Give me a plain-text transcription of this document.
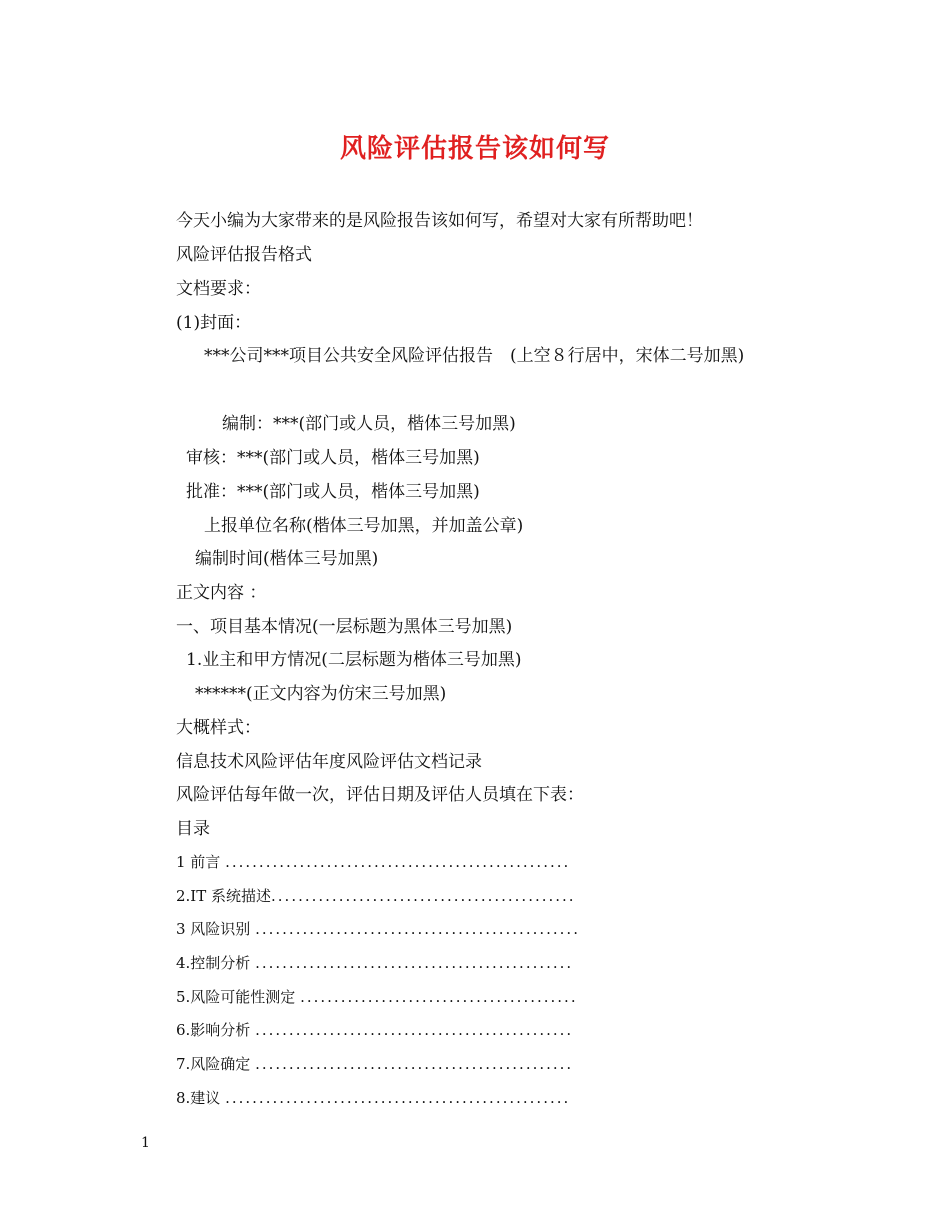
风险评估报告该如何写
今天小编为大家带来的是风险报告该如何写，希望对大家有所帮助吧！
风险评估报告格式
文档要求：
(1)封面：
***公司***项目公共安全风险评估报告　(上空８行居中，宋体二号加黑)
编制：***(部门或人员，楷体三号加黑)
审核：***(部门或人员，楷体三号加黑)
批准：***(部门或人员，楷体三号加黑)
上报单位名称(楷体三号加黑，并加盖公章)
编制时间(楷体三号加黑)
正文内容 ：
一、项目基本情况(一层标题为黑体三号加黑)
1.业主和甲方情况(二层标题为楷体三号加黑)
******(正文内容为仿宋三号加黑)
大概样式：
信息技术风险评估年度风险评估文档记录
风险评估每年做一次，评估日期及评估人员填在下表：
目录
1 前言 ...................................................
2.IT 系统描述.............................................
3 风险识别 ................................................
4.控制分析 ...............................................
5.风险可能性测定 .........................................
6.影响分析 ...............................................
7.风险确定 ...............................................
8.建议 ...................................................
1
